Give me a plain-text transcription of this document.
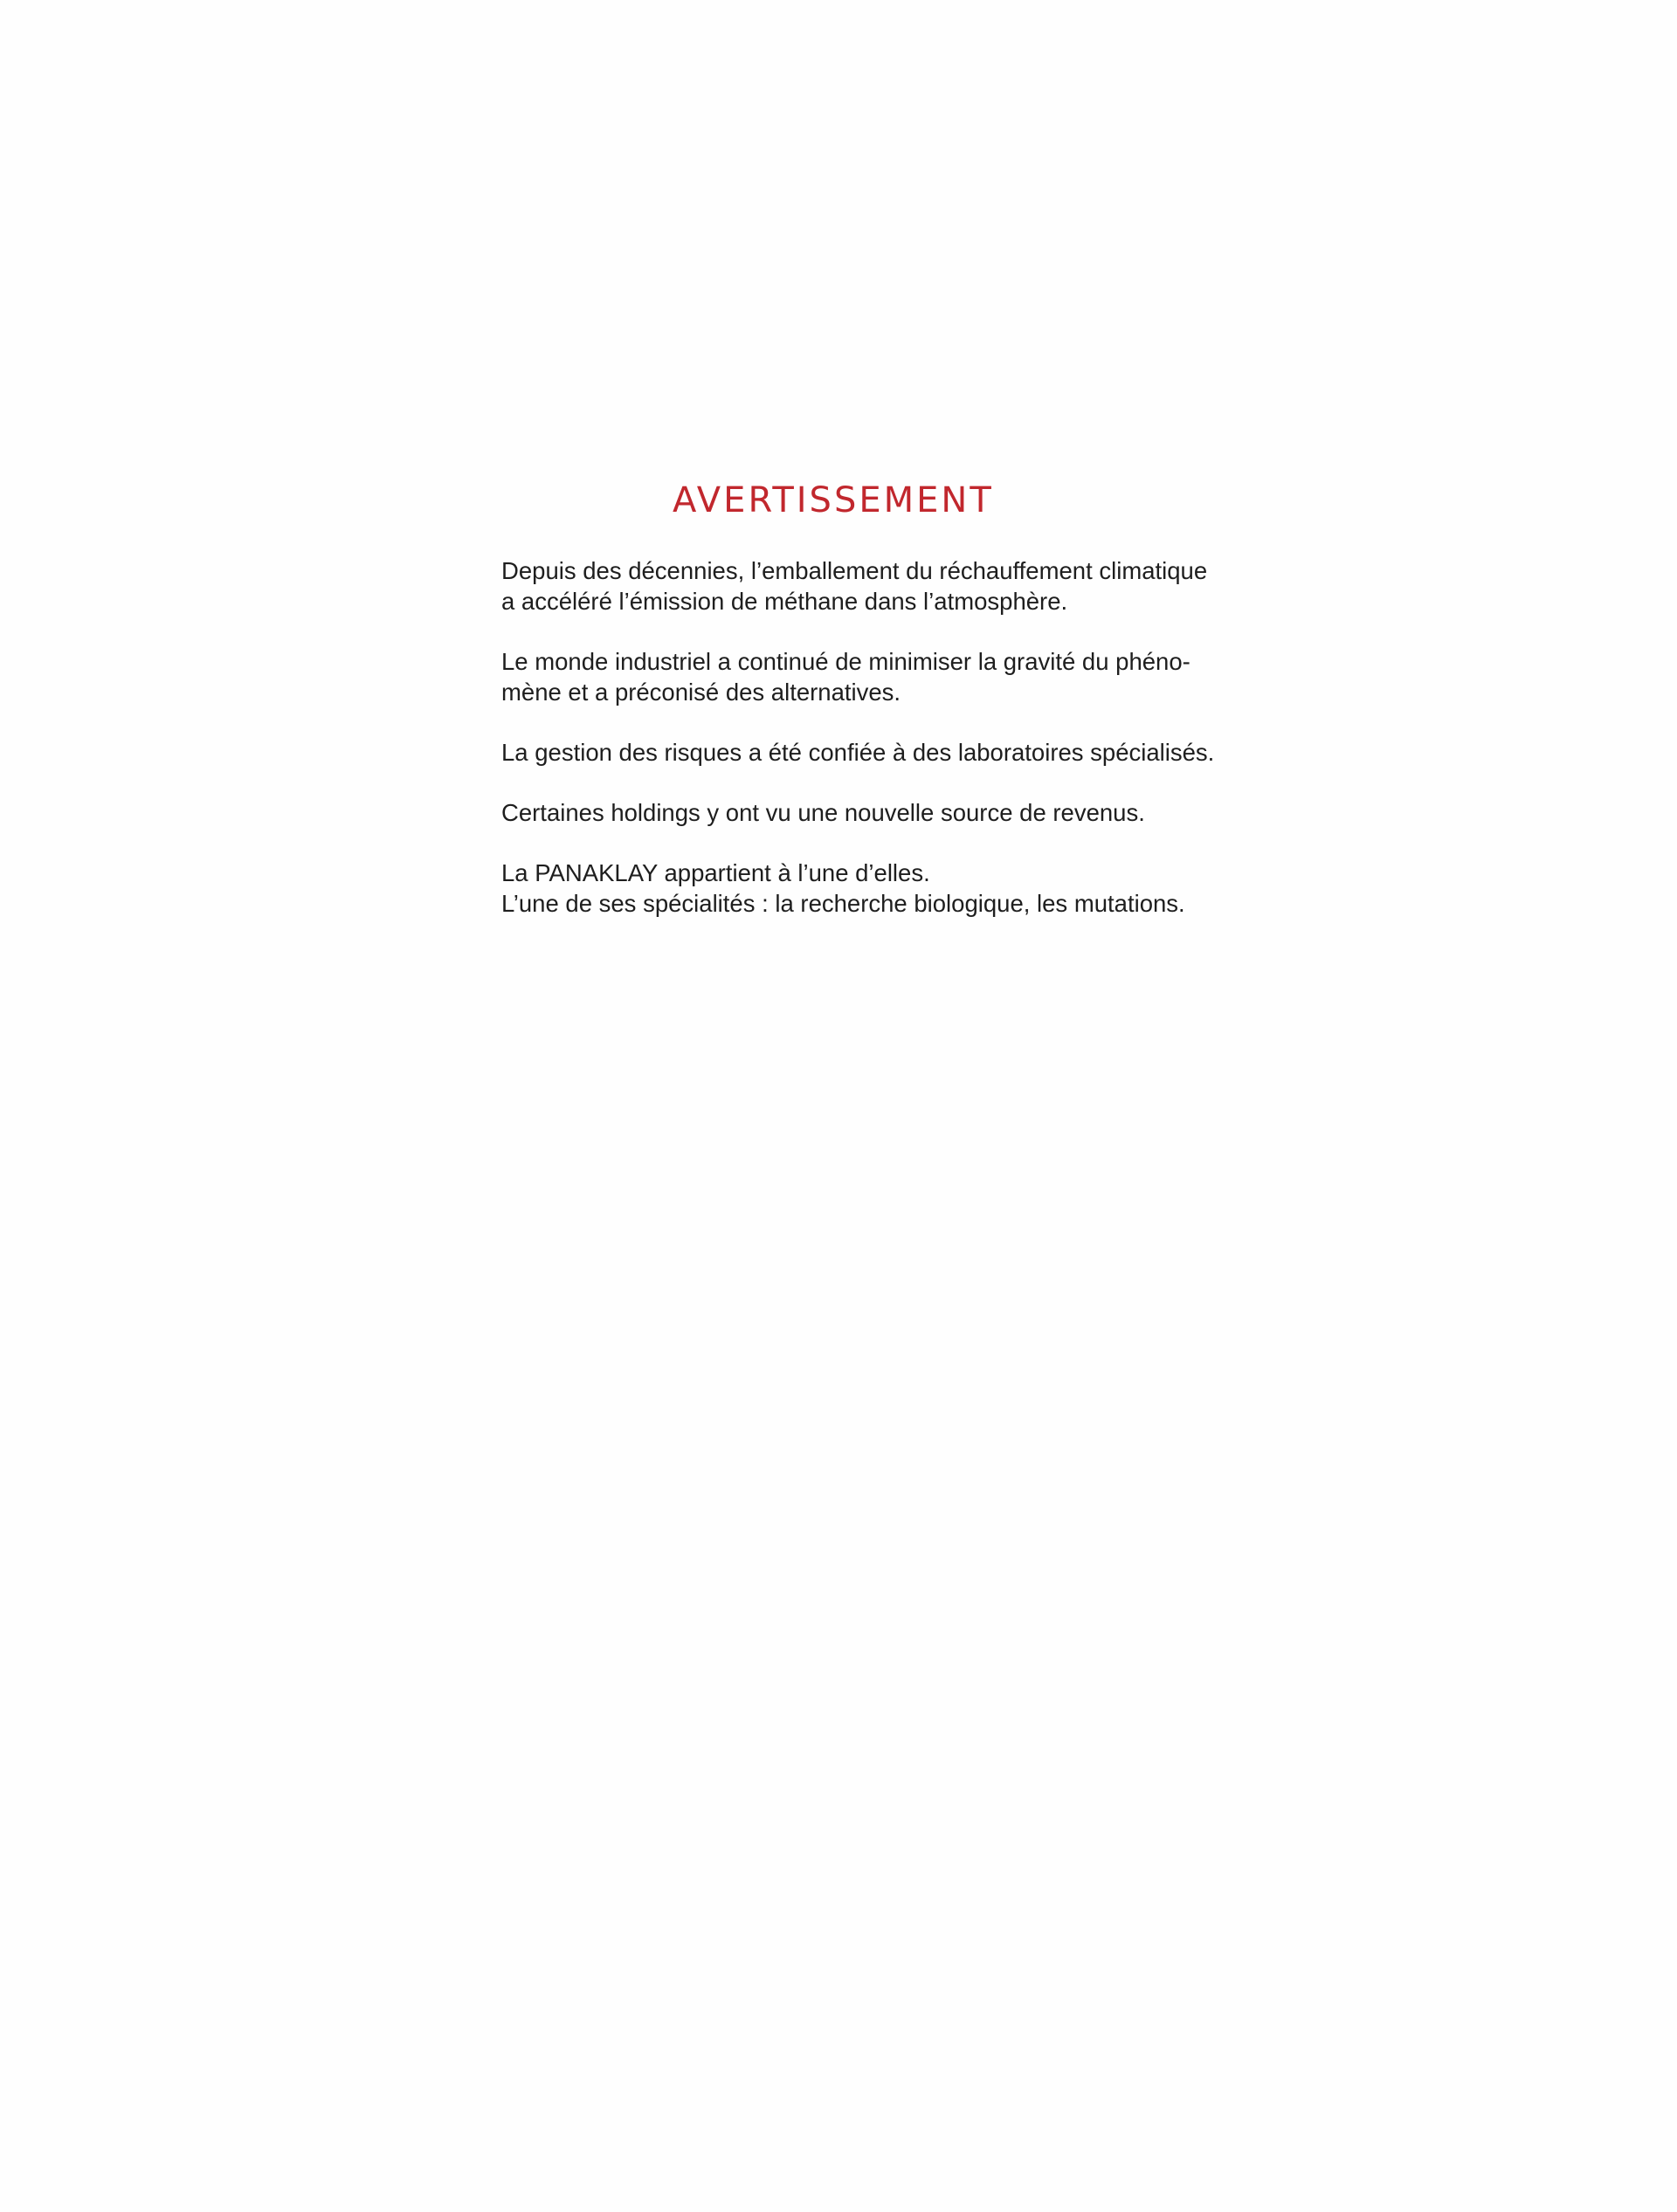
AVERTISSEMENT

Depuis des décennies, l’emballement du réchauffement climatique
a accéléré l’émission de méthane dans l’atmosphère.

Le monde industriel a continué de minimiser la gravité du phéno-
mène et a préconisé des alternatives.

La gestion des risques a été confiée à des laboratoires spécialisés.

Certaines holdings y ont vu une nouvelle source de revenus.

La PANAKLAY appartient à l’une d’elles.
L’une de ses spécialités : la recherche biologique, les mutations.
